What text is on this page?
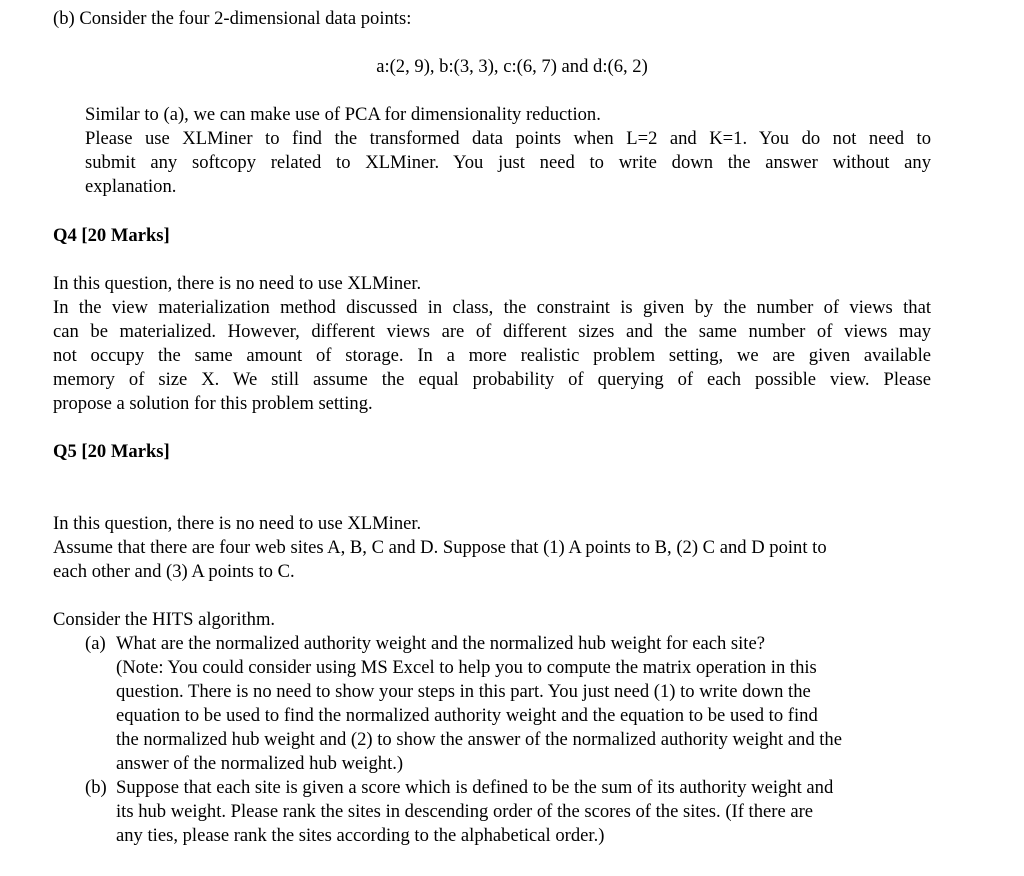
(b) Consider the four 2-dimensional data points:
a:(2, 9), b:(3, 3), c:(6, 7) and d:(6, 2)
Similar to (a), we can make use of PCA for dimensionality reduction.
Please use XLMiner to find the transformed data points when L=2 and K=1. You do not need to
submit any softcopy related to XLMiner. You just need to write down the answer without any
explanation.
Q4 [20 Marks]
In this question, there is no need to use XLMiner.
In the view materialization method discussed in class, the constraint is given by the number of views that
can be materialized. However, different views are of different sizes and the same number of views may
not occupy the same amount of storage. In a more realistic problem setting, we are given available
memory of size X. We still assume the equal probability of querying of each possible view. Please
propose a solution for this problem setting.
Q5 [20 Marks]
In this question, there is no need to use XLMiner.
Assume that there are four web sites A, B, C and D. Suppose that (1) A points to B, (2) C and D point to
each other and (3) A points to C.
Consider the HITS algorithm.
(a) What are the normalized authority weight and the normalized hub weight for each site?
(Note: You could consider using MS Excel to help you to compute the matrix operation in this
question. There is no need to show your steps in this part. You just need (1) to write down the
equation to be used to find the normalized authority weight and the equation to be used to find
the normalized hub weight and (2) to show the answer of the normalized authority weight and the
answer of the normalized hub weight.)
(b) Suppose that each site is given a score which is defined to be the sum of its authority weight and
its hub weight. Please rank the sites in descending order of the scores of the sites. (If there are
any ties, please rank the sites according to the alphabetical order.)
